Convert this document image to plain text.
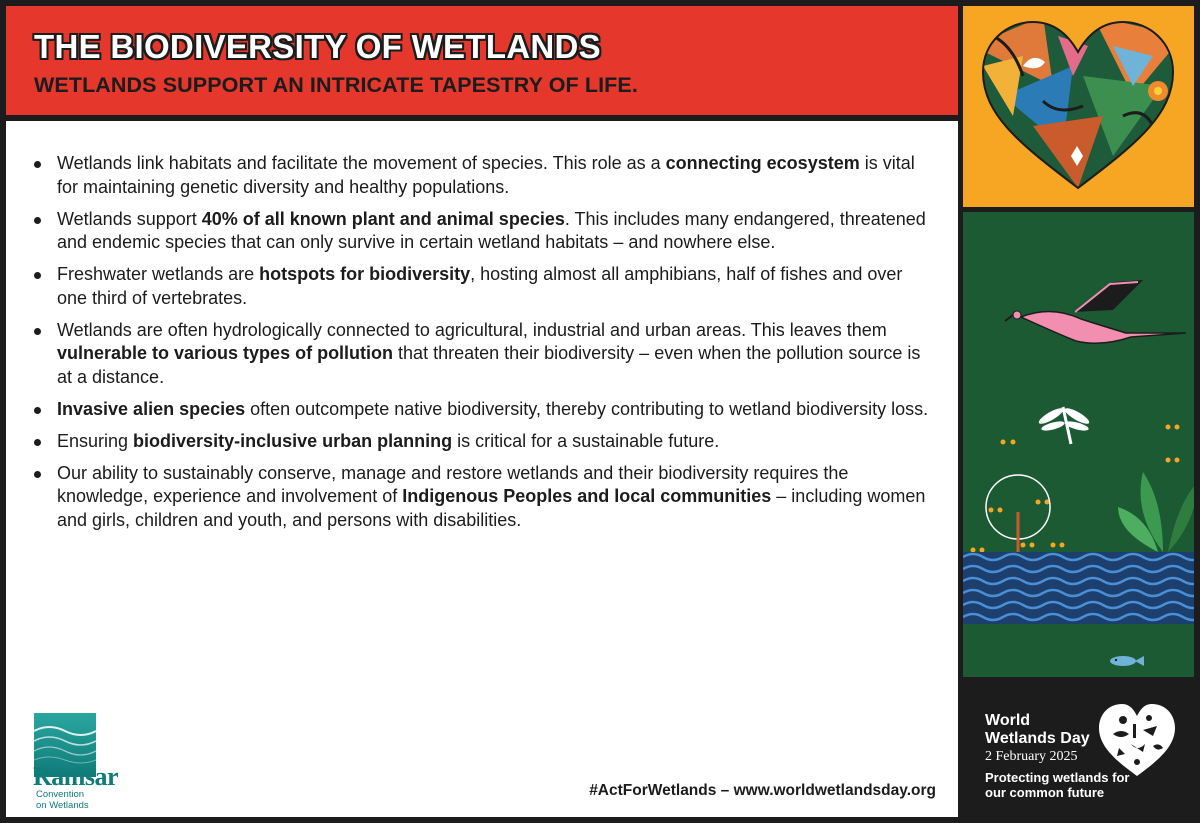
THE BIODIVERSITY OF WETLANDS
WETLANDS SUPPORT AN INTRICATE TAPESTRY OF LIFE.
Wetlands link habitats and facilitate the movement of species. This role as a connecting ecosystem is vital for maintaining genetic diversity and healthy populations.
Wetlands support 40% of all known plant and animal species. This includes many endangered, threatened and endemic species that can only survive in certain wetland habitats – and nowhere else.
Freshwater wetlands are hotspots for biodiversity, hosting almost all amphibians, half of fishes and over one third of vertebrates.
Wetlands are often hydrologically connected to agricultural, industrial and urban areas. This leaves them vulnerable to various types of pollution that threaten their biodiversity – even when the pollution source is at a distance.
Invasive alien species often outcompete native biodiversity, thereby contributing to wetland biodiversity loss.
Ensuring biodiversity-inclusive urban planning is critical for a sustainable future.
Our ability to sustainably conserve, manage and restore wetlands and their biodiversity requires the knowledge, experience and involvement of Indigenous Peoples and local communities – including women and girls, children and youth, and persons with disabilities.
Ramsar
Convention
on Wetlands
#ActForWetlands – www.worldwetlandsday.org
World Wetlands Day
2 February 2025
Protecting wetlands for our common future
